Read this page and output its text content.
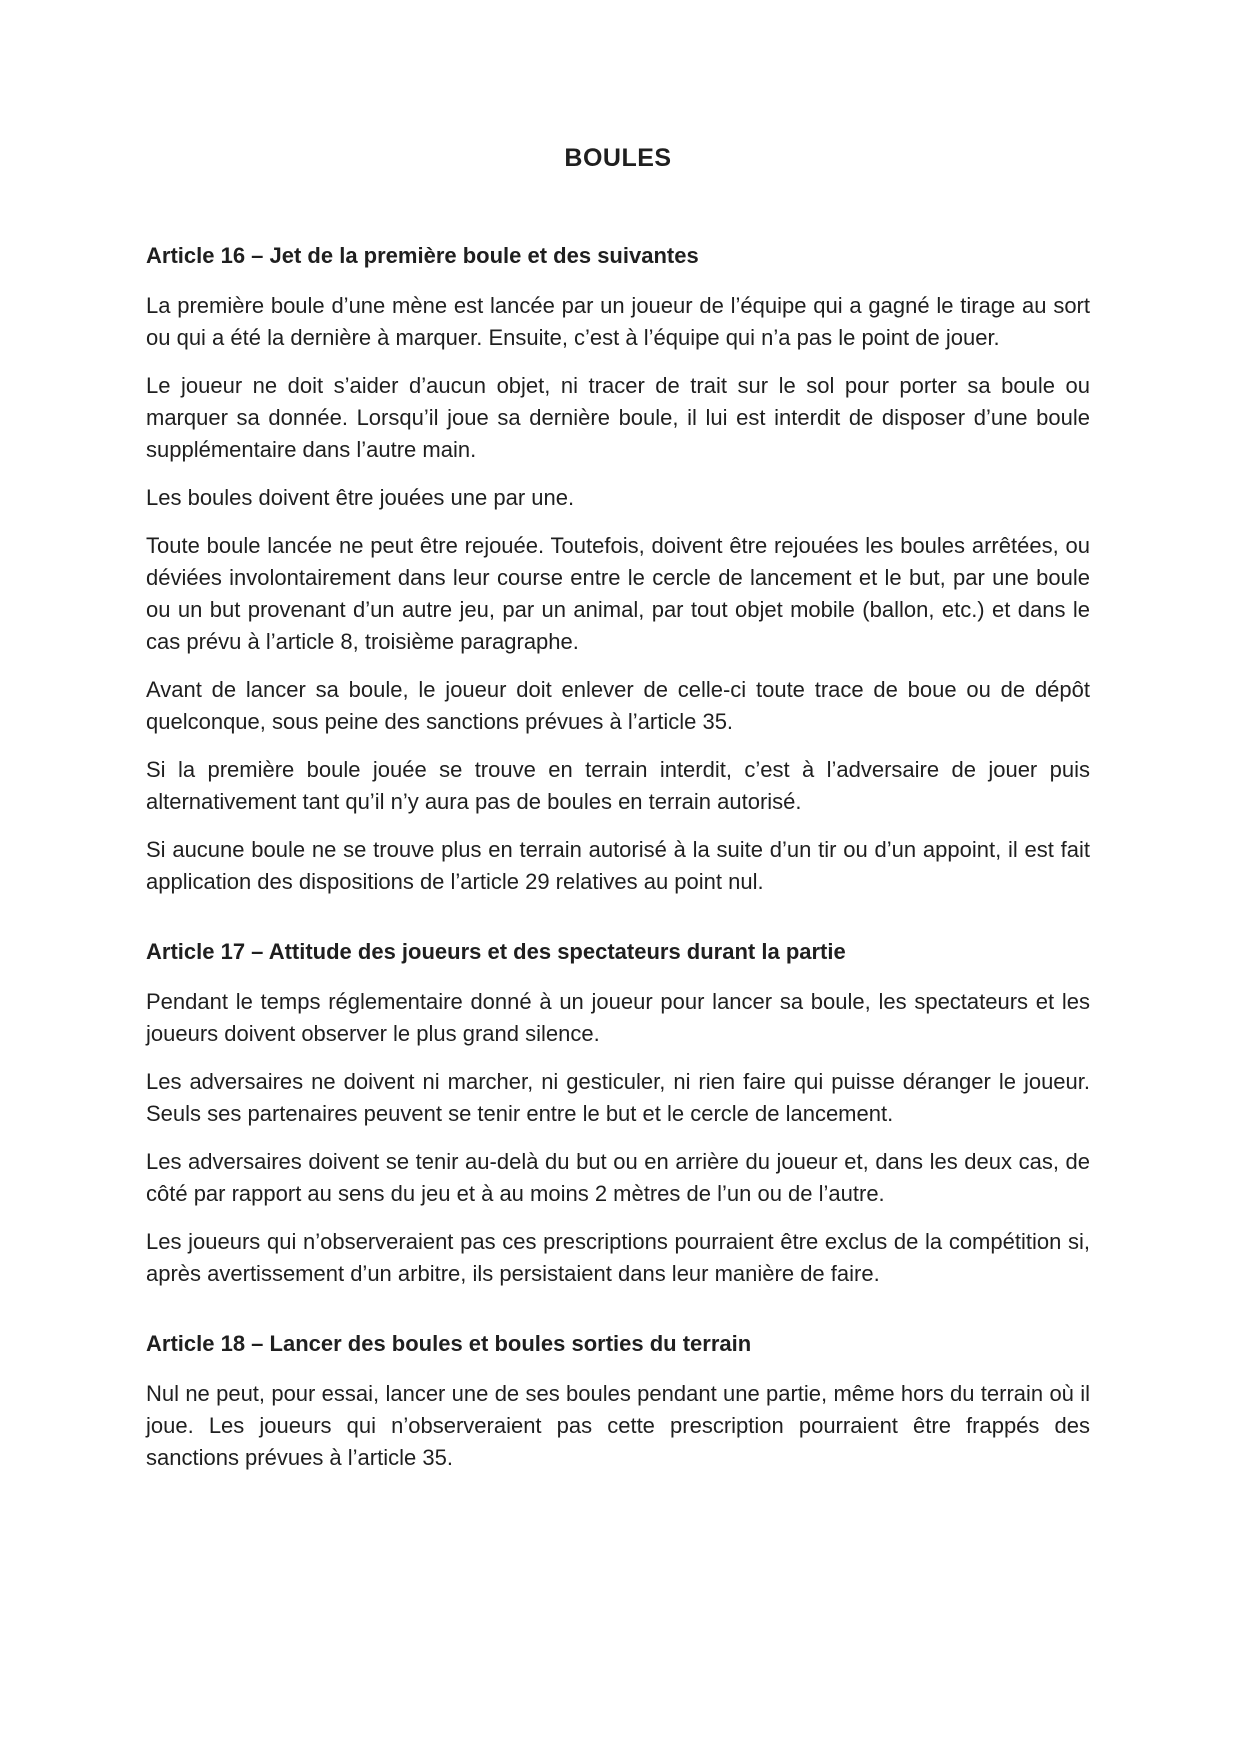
BOULES
Article 16 – Jet de la première boule et des suivantes

La première boule d’une mène est lancée par un joueur de l’équipe qui a gagné le tirage au sort ou qui a été la dernière à marquer. Ensuite, c’est à l’équipe qui n’a pas le point de jouer.

Le joueur ne doit s’aider d’aucun objet, ni tracer de trait sur le sol pour porter sa boule ou marquer sa donnée. Lorsqu’il joue sa dernière boule, il lui est interdit de disposer d’une boule supplémentaire dans l’autre main.

Les boules doivent être jouées une par une.

Toute boule lancée ne peut être rejouée. Toutefois, doivent être rejouées les boules arrêtées, ou déviées involontairement dans leur course entre le cercle de lancement et le but, par une boule ou un but provenant d’un autre jeu, par un animal, par tout objet mobile (ballon, etc.) et dans le cas prévu à l’article 8, troisième paragraphe.

Avant de lancer sa boule, le joueur doit enlever de celle-ci toute trace de boue ou de dépôt quelconque, sous peine des sanctions prévues à l’article 35.

Si la première boule jouée se trouve en terrain interdit, c’est à l’adversaire de jouer puis alternativement tant qu’il n’y aura pas de boules en terrain autorisé.

Si aucune boule ne se trouve plus en terrain autorisé à la suite d’un tir ou d’un appoint, il est fait application des dispositions de l’article 29 relatives au point nul.

Article 17 – Attitude des joueurs et des spectateurs durant la partie

Pendant le temps réglementaire donné à un joueur pour lancer sa boule, les spectateurs et les joueurs doivent observer le plus grand silence.

Les adversaires ne doivent ni marcher, ni gesticuler, ni rien faire qui puisse déranger le joueur. Seuls ses partenaires peuvent se tenir entre le but et le cercle de lancement.

Les adversaires doivent se tenir au-delà du but ou en arrière du joueur et, dans les deux cas, de côté par rapport au sens du jeu et à au moins 2 mètres de l’un ou de l’autre.

Les joueurs qui n’observeraient pas ces prescriptions pourraient être exclus de la compétition si, après avertissement d’un arbitre, ils persistaient dans leur manière de faire.

Article 18 – Lancer des boules et boules sorties du terrain

Nul ne peut, pour essai, lancer une de ses boules pendant une partie, même hors du terrain où il joue. Les joueurs qui n’observeraient pas cette prescription pourraient être frappés des sanctions prévues à l’article 35.
